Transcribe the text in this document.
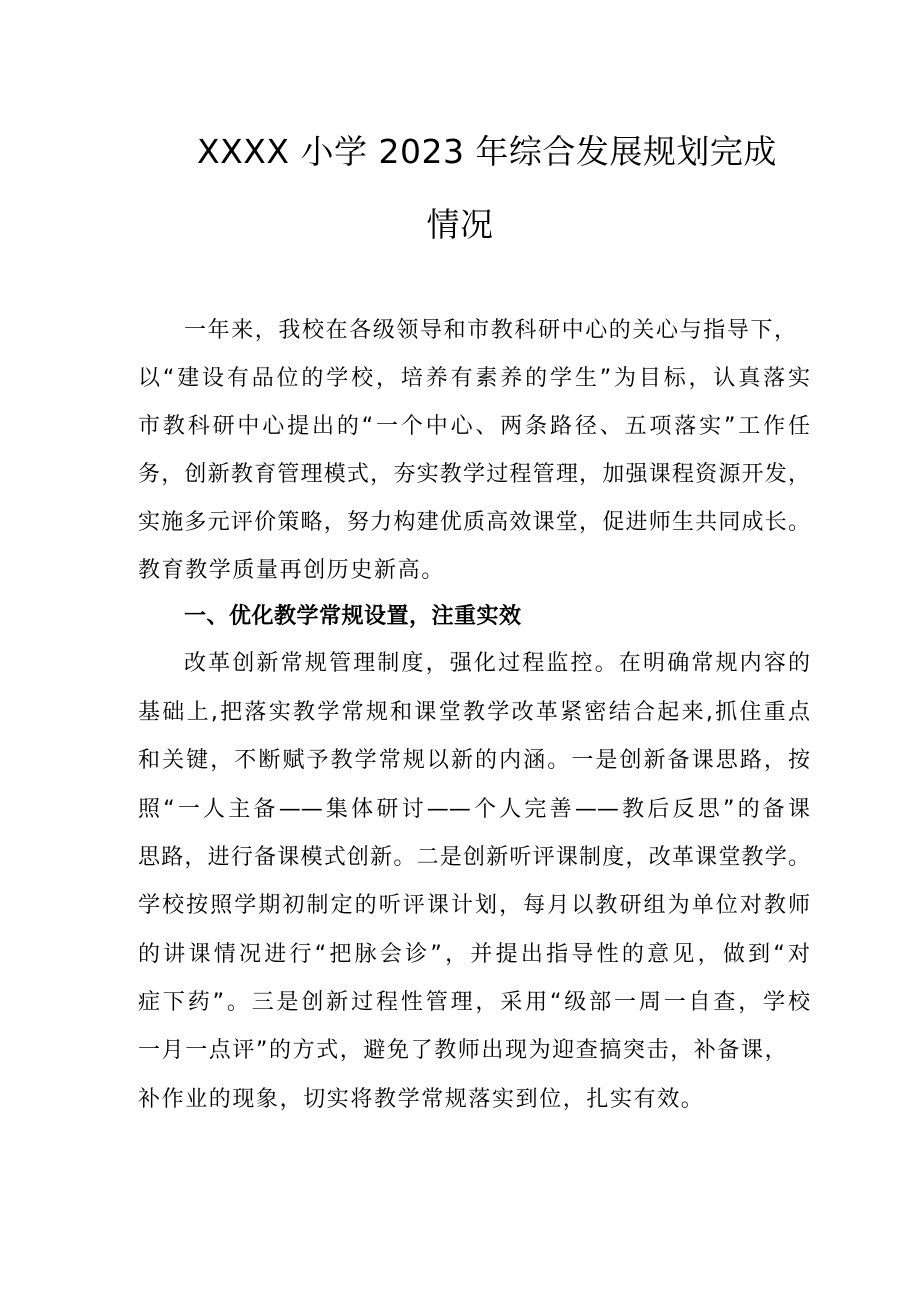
XXXX 小学 2023 年综合发展规划完成
情况
一年来，我校在各级领导和市教科研中心的关心与指导下，
以“建设有品位的学校，培养有素养的学生”为目标，认真落实
市教科研中心提出的“一个中心、两条路径、五项落实”工作任
务，创新教育管理模式，夯实教学过程管理，加强课程资源开发，
实施多元评价策略，努力构建优质高效课堂，促进师生共同成长。
教育教学质量再创历史新高。
一、优化教学常规设置，注重实效
改革创新常规管理制度，强化过程监控。在明确常规内容的
基础上,把落实教学常规和课堂教学改革紧密结合起来,抓住重点
和关键，不断赋予教学常规以新的内涵。一是创新备课思路，按
照“一人主备——集体研讨——个人完善——教后反思”的备课
思路，进行备课模式创新。二是创新听评课制度，改革课堂教学。
学校按照学期初制定的听评课计划，每月以教研组为单位对教师
的讲课情况进行“把脉会诊”，并提出指导性的意见，做到“对
症下药”。三是创新过程性管理，采用“级部一周一自查，学校
一月一点评”的方式，避免了教师出现为迎查搞突击，补备课，
补作业的现象，切实将教学常规落实到位，扎实有效。
